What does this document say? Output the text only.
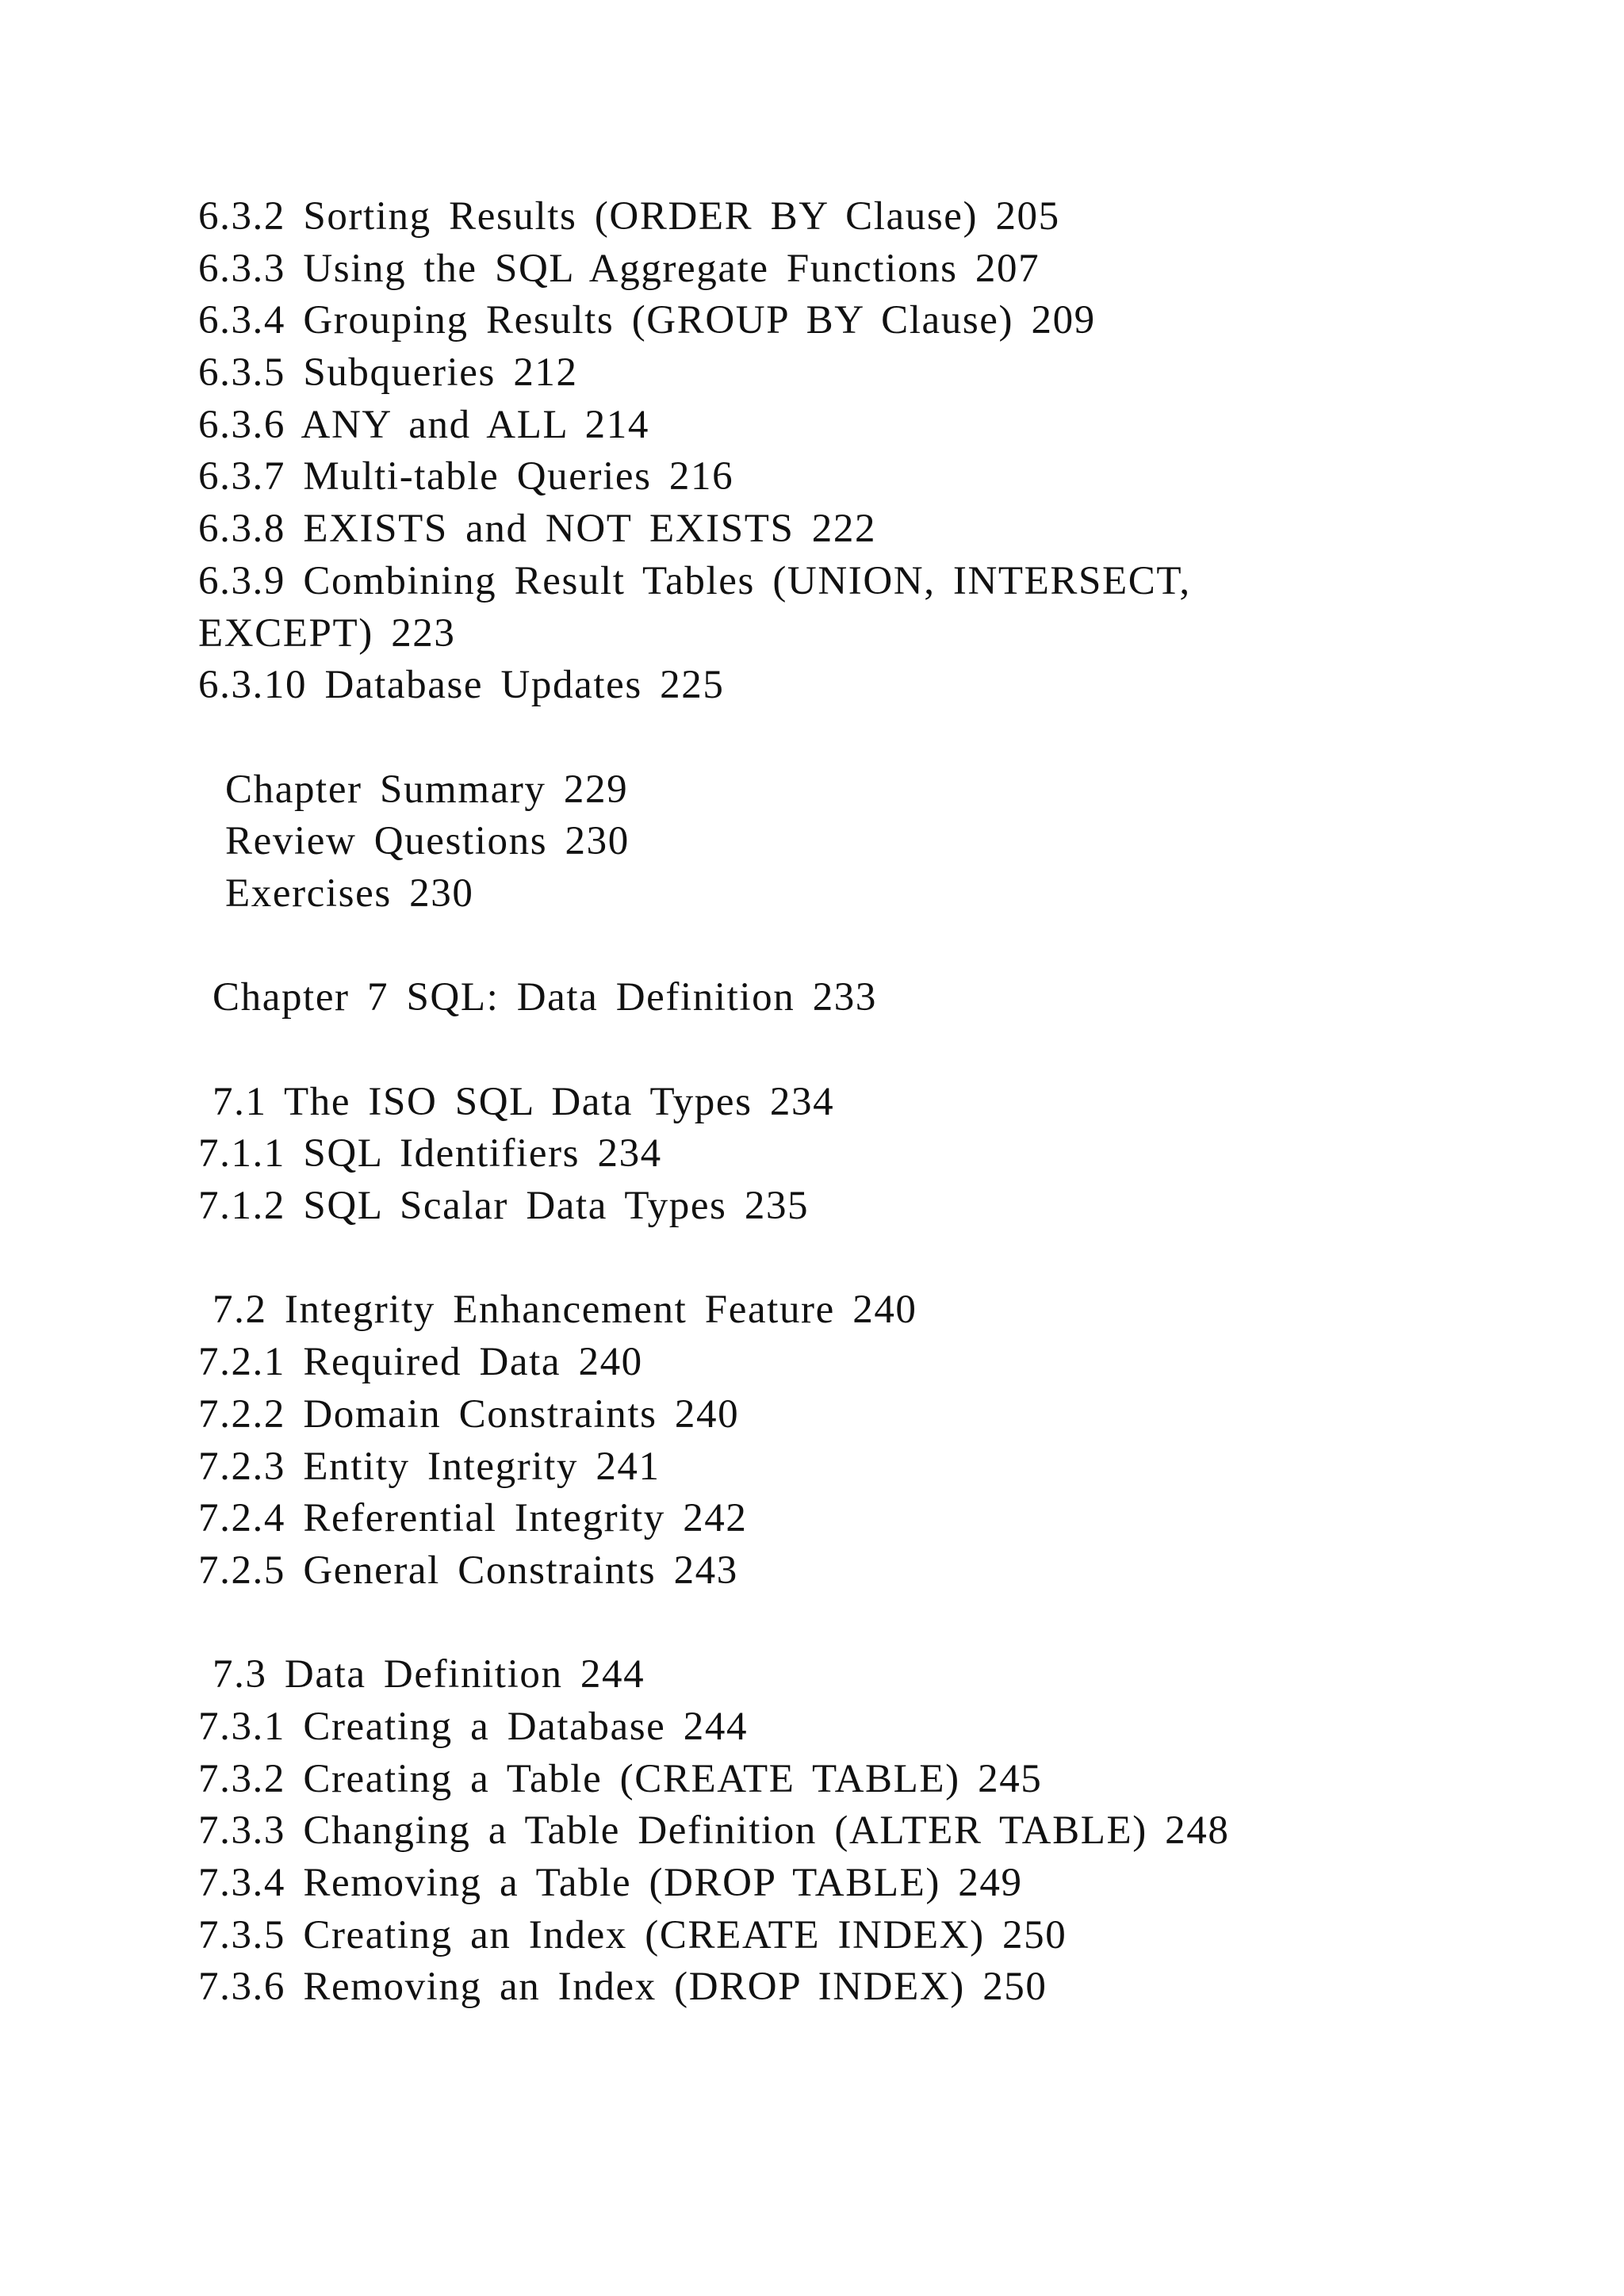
6.3.2 Sorting Results (ORDER BY Clause) 205
6.3.3 Using the SQL Aggregate Functions 207
6.3.4 Grouping Results (GROUP BY Clause) 209
6.3.5 Subqueries 212
6.3.6 ANY and ALL 214
6.3.7 Multi-table Queries 216
6.3.8 EXISTS and NOT EXISTS 222
6.3.9 Combining Result Tables (UNION, INTERSECT,
EXCEPT) 223
6.3.10 Database Updates 225
Chapter Summary 229
Review Questions 230
Exercises 230
Chapter 7 SQL: Data Definition 233
7.1 The ISO SQL Data Types 234
7.1.1 SQL Identifiers 234
7.1.2 SQL Scalar Data Types 235
7.2 Integrity Enhancement Feature 240
7.2.1 Required Data 240
7.2.2 Domain Constraints 240
7.2.3 Entity Integrity 241
7.2.4 Referential Integrity 242
7.2.5 General Constraints 243
7.3 Data Definition 244
7.3.1 Creating a Database 244
7.3.2 Creating a Table (CREATE TABLE) 245
7.3.3 Changing a Table Definition (ALTER TABLE) 248
7.3.4 Removing a Table (DROP TABLE) 249
7.3.5 Creating an Index (CREATE INDEX) 250
7.3.6 Removing an Index (DROP INDEX) 250
